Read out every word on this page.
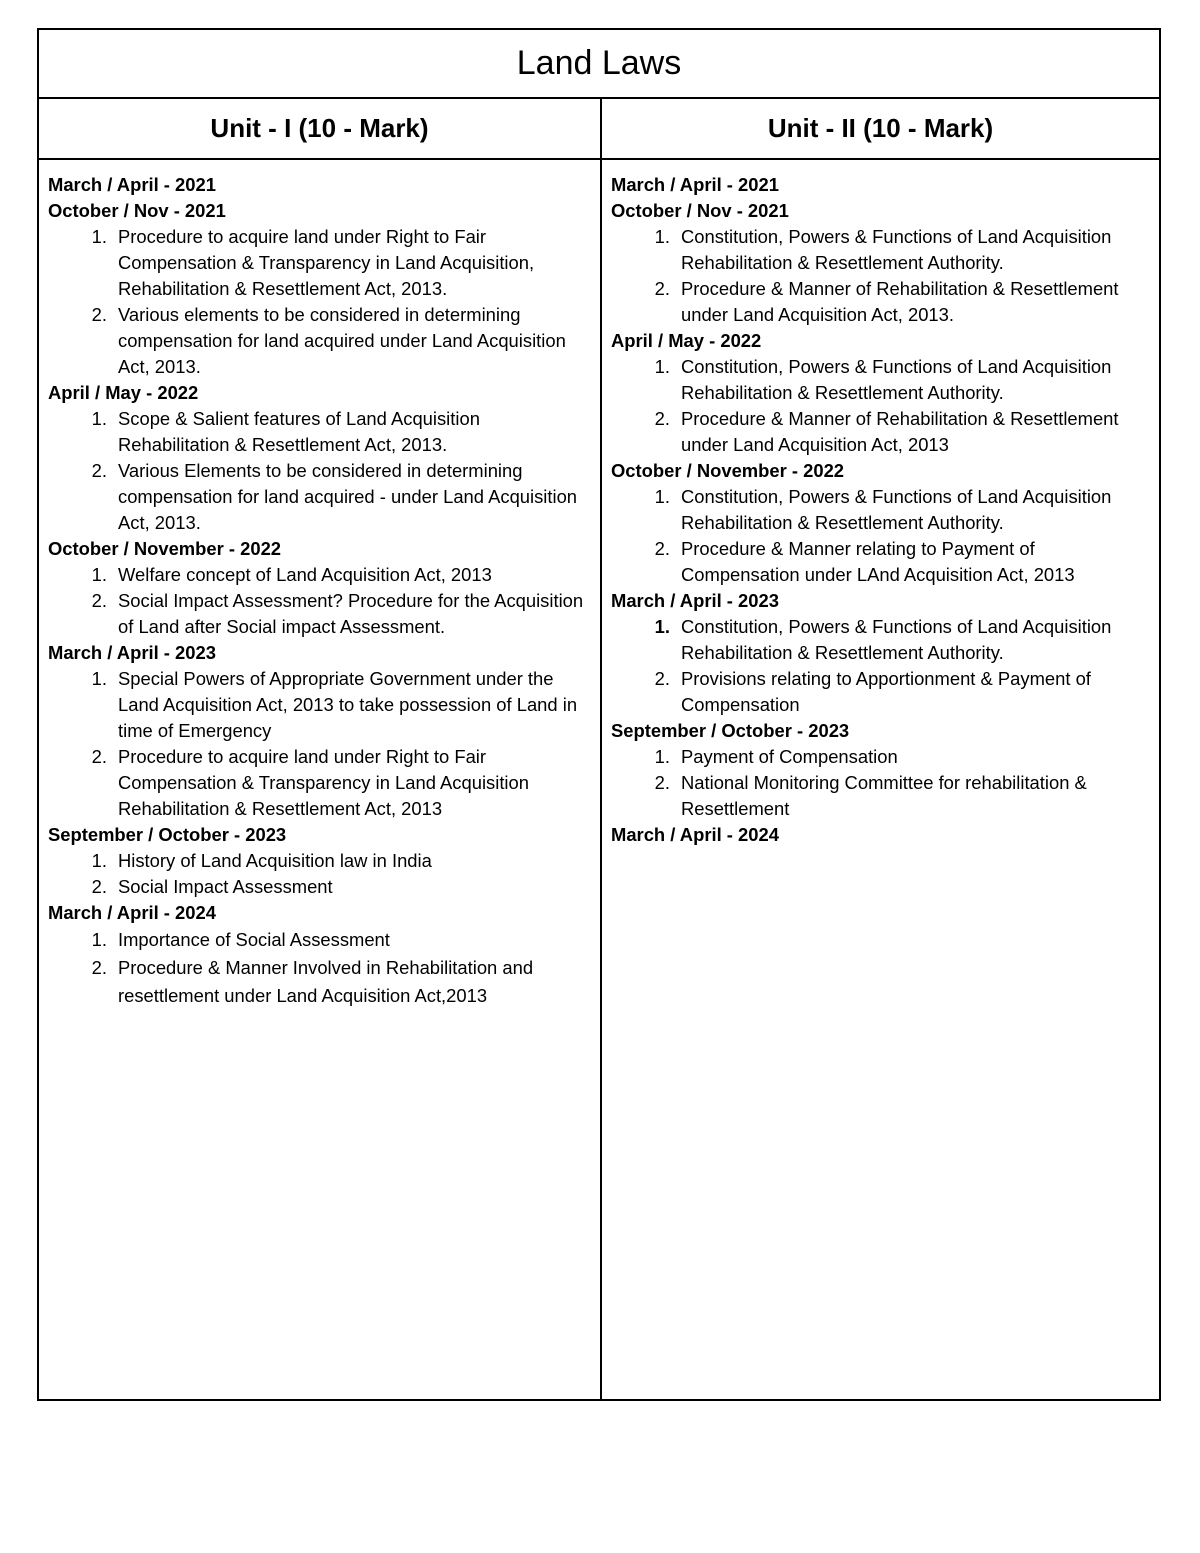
Land Laws
Unit - I (10 - Mark)	Unit - II (10 - Mark)
March / April - 2021
October / Nov - 2021
1. Procedure to acquire land under Right to Fair Compensation & Transparency in Land Acquisition, Rehabilitation & Resettlement Act, 2013.
2. Various elements to be considered in determining compensation for land acquired under Land Acquisition Act, 2013.
April / May - 2022
1. Scope & Salient features of Land Acquisition Rehabilitation & Resettlement Act, 2013.
2. Various Elements to be considered in determining compensation for land acquired - under Land Acquisition Act, 2013.
October / November - 2022
1. Welfare concept of Land Acquisition Act, 2013
2. Social Impact Assessment? Procedure for the Acquisition of Land after Social impact Assessment.
March / April - 2023
1. Special Powers of Appropriate Government under the Land Acquisition Act, 2013 to take possession of Land in time of Emergency
2. Procedure to acquire land under Right to Fair Compensation & Transparency in Land Acquisition Rehabilitation & Resettlement Act, 2013
September / October - 2023
1. History of Land Acquisition law in India
2. Social Impact Assessment
March / April - 2024
1. Importance of Social Assessment
2. Procedure & Manner Involved in Rehabilitation and resettlement under Land Acquisition Act,2013
March / April - 2021
October / Nov - 2021
1. Constitution, Powers & Functions of Land Acquisition Rehabilitation & Resettlement Authority.
2. Procedure & Manner of Rehabilitation & Resettlement under Land Acquisition Act, 2013.
April / May - 2022
1. Constitution, Powers & Functions of Land Acquisition Rehabilitation & Resettlement Authority.
2. Procedure & Manner of Rehabilitation & Resettlement under Land Acquisition Act, 2013
October / November - 2022
1. Constitution, Powers & Functions of Land Acquisition Rehabilitation & Resettlement Authority.
2. Procedure & Manner relating to Payment of Compensation under LAnd Acquisition Act, 2013
March / April - 2023
1. Constitution, Powers & Functions of Land Acquisition Rehabilitation & Resettlement Authority.
2. Provisions relating to Apportionment & Payment of Compensation
September / October - 2023
1. Payment of Compensation
2. National Monitoring Committee for rehabilitation & Resettlement
March / April - 2024
